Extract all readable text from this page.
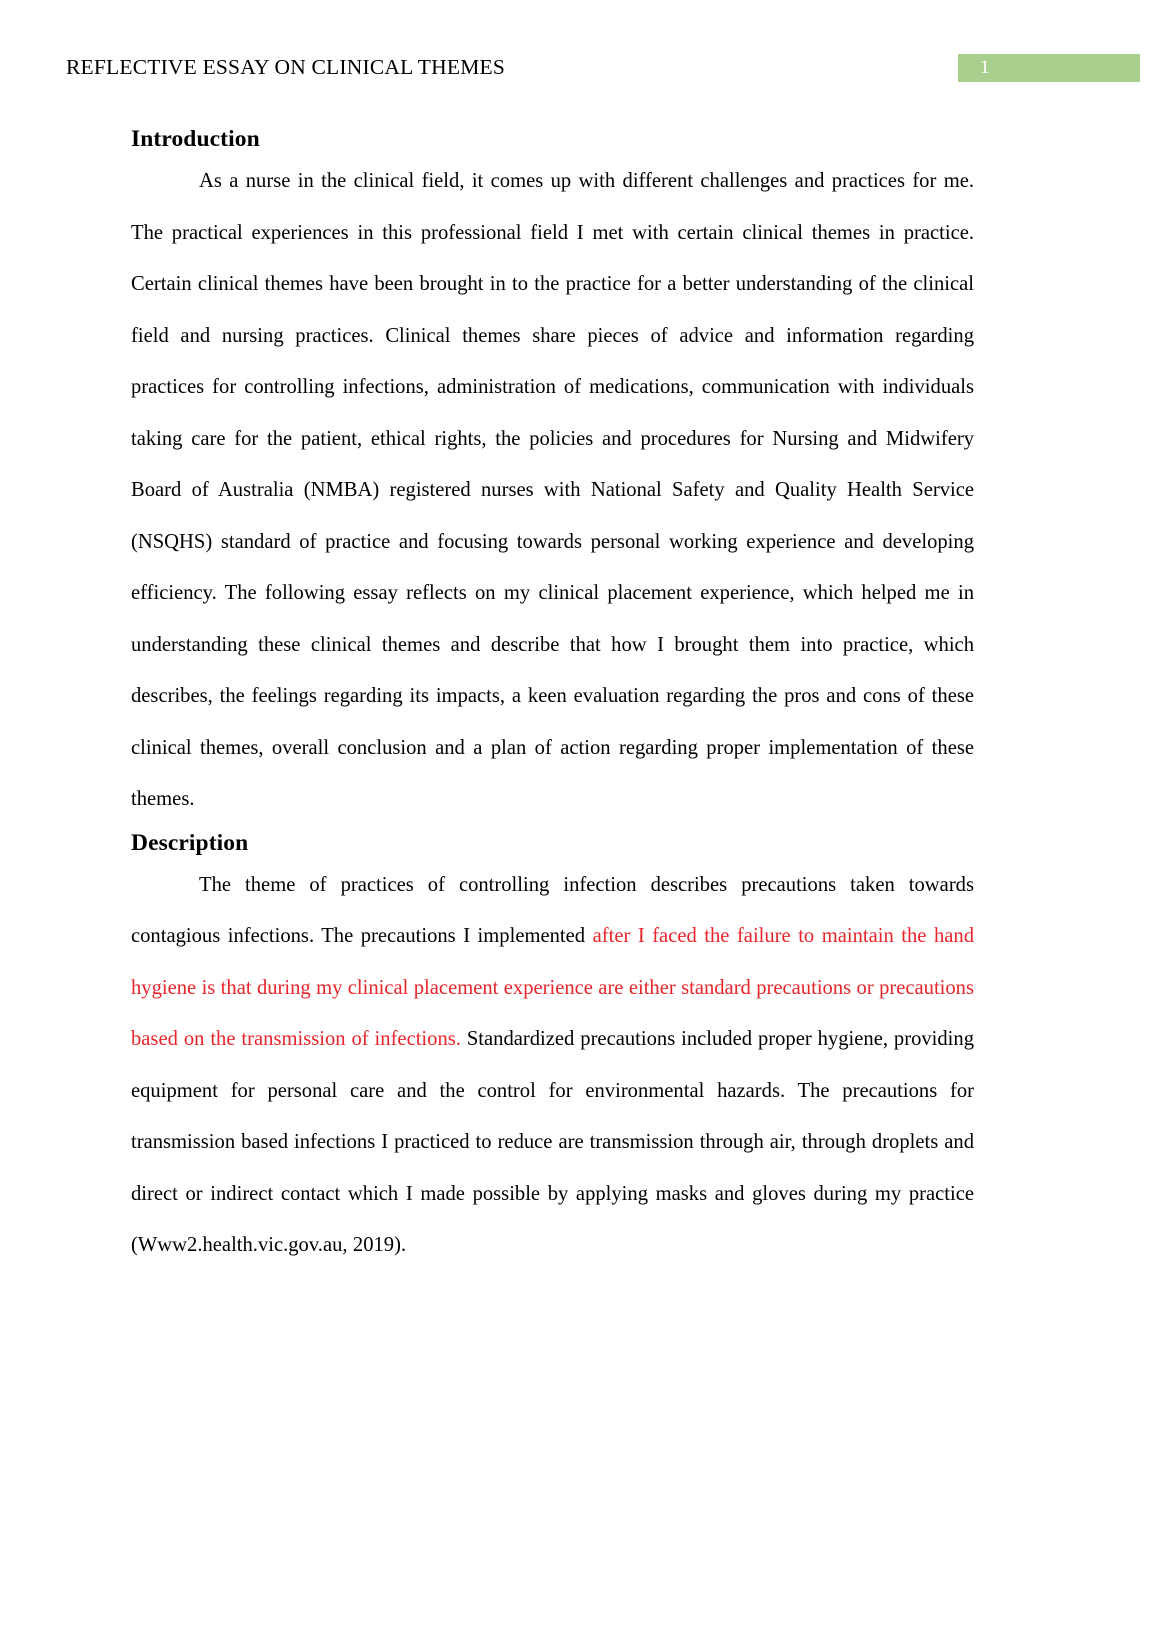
REFLECTIVE ESSAY ON CLINICAL THEMES	1
Introduction

As a nurse in the clinical field, it comes up with different challenges and practices for me. The practical experiences in this professional field I met with certain clinical themes in practice. Certain clinical themes have been brought in to the practice for a better understanding of the clinical field and nursing practices. Clinical themes share pieces of advice and information regarding practices for controlling infections, administration of medications, communication with individuals taking care for the patient, ethical rights, the policies and procedures for Nursing and Midwifery Board of Australia (NMBA) registered nurses with National Safety and Quality Health Service (NSQHS) standard of practice and focusing towards personal working experience and developing efficiency. The following essay reflects on my clinical placement experience, which helped me in understanding these clinical themes and describe that how I brought them into practice, which describes, the feelings regarding its impacts, a keen evaluation regarding the pros and cons of these clinical themes, overall conclusion and a plan of action regarding proper implementation of these themes.

Description

The theme of practices of controlling infection describes precautions taken towards contagious infections. The precautions I implemented after I faced the failure to maintain the hand hygiene is that during my clinical placement experience are either standard precautions or precautions based on the transmission of infections. Standardized precautions included proper hygiene, providing equipment for personal care and the control for environmental hazards. The precautions for transmission based infections I practiced to reduce are transmission through air, through droplets and direct or indirect contact which I made possible by applying masks and gloves during my practice (Www2.health.vic.gov.au, 2019).
